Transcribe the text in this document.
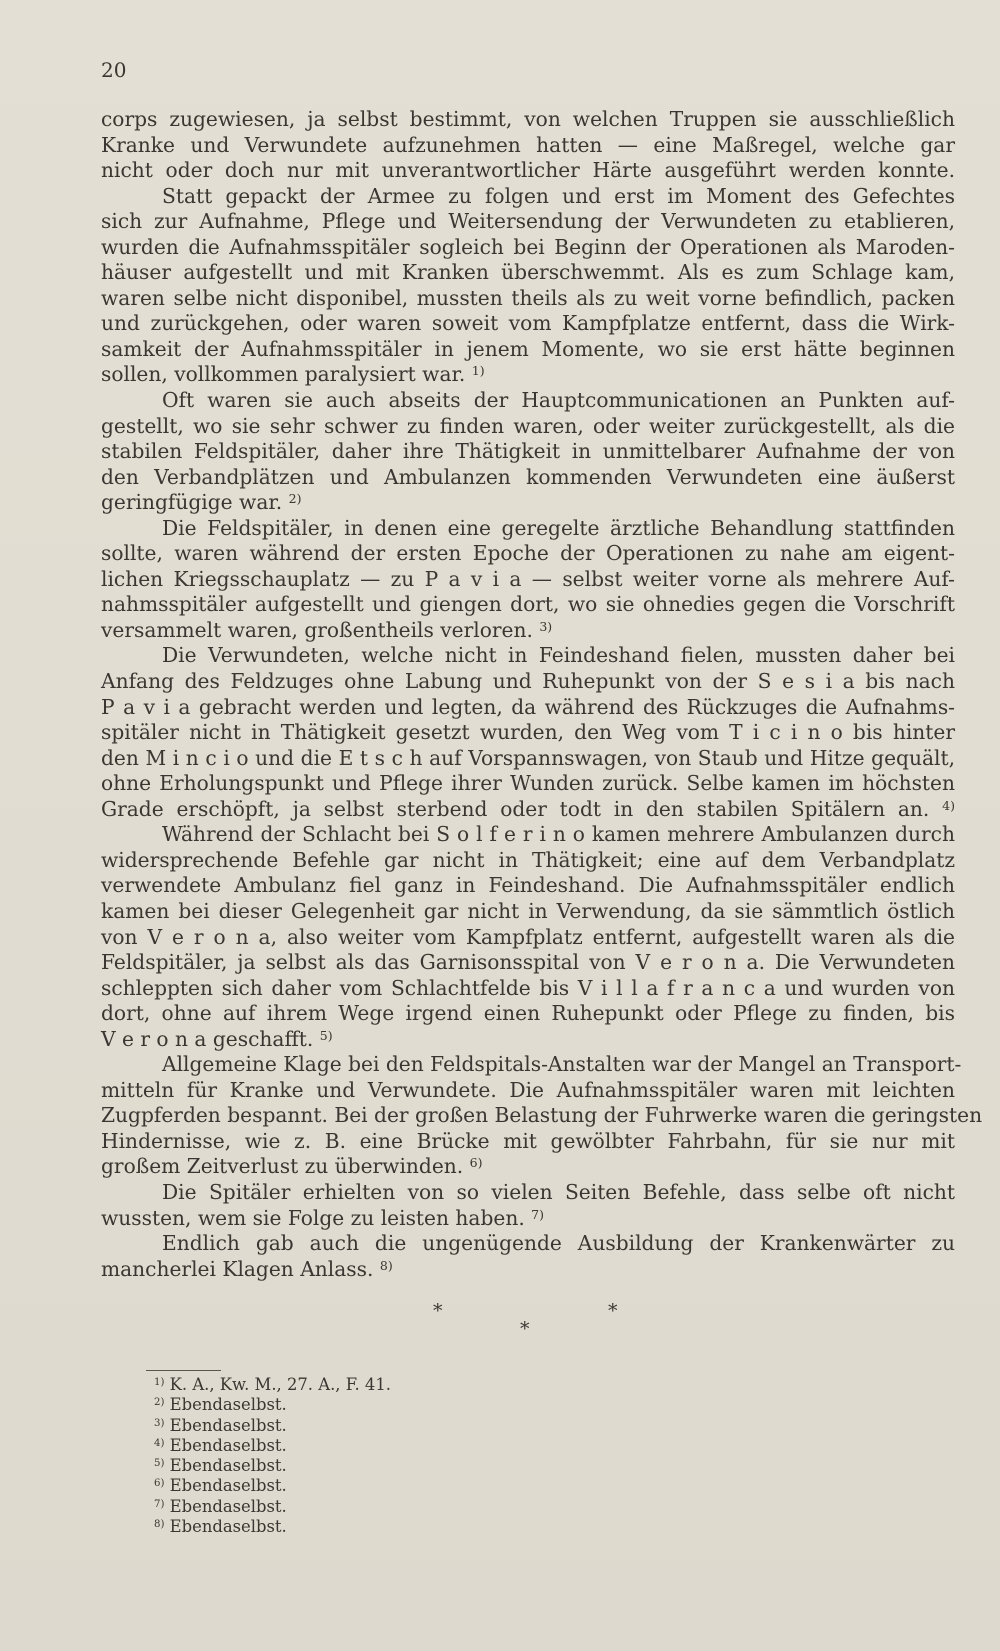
20
corps zugewiesen, ja selbst bestimmt, von welchen Truppen sie ausschließlich
Kranke und Verwundete aufzunehmen hatten — eine Maßregel, welche gar
nicht oder doch nur mit unverantwortlicher Härte ausgeführt werden konnte.
Statt gepackt der Armee zu folgen und erst im Moment des Gefechtes
sich zur Aufnahme, Pflege und Weitersendung der Verwundeten zu etablieren,
wurden die Aufnahmsspitäler sogleich bei Beginn der Operationen als Maroden-
häuser aufgestellt und mit Kranken überschwemmt. Als es zum Schlage kam,
waren selbe nicht disponibel, mussten theils als zu weit vorne befindlich, packen
und zurückgehen, oder waren soweit vom Kampfplatze entfernt, dass die Wirk-
samkeit der Aufnahmsspitäler in jenem Momente, wo sie erst hätte beginnen
sollen, vollkommen paralysiert war. $^{1)}$
Oft waren sie auch abseits der Hauptcommunicationen an Punkten auf-
gestellt, wo sie sehr schwer zu finden waren, oder weiter zurückgestellt, als die
stabilen Feldspitäler, daher ihre Thätigkeit in unmittelbarer Aufnahme der von
den Verbandplätzen und Ambulanzen kommenden Verwundeten eine äußerst
geringfügige war. $^{2)}$
Die Feldspitäler, in denen eine geregelte ärztliche Behandlung stattfinden
sollte, waren während der ersten Epoche der Operationen zu nahe am eigent-
lichen Kriegsschauplatz — zu P a v i a — selbst weiter vorne als mehrere Auf-
nahmsspitäler aufgestellt und giengen dort, wo sie ohnedies gegen die Vorschrift
versammelt waren, großentheils verloren. $^{3)}$
Die Verwundeten, welche nicht in Feindeshand fielen, mussten daher bei
Anfang des Feldzuges ohne Labung und Ruhepunkt von der S e s i a bis nach
P a v i a gebracht werden und legten, da während des Rückzuges die Aufnahms-
spitäler nicht in Thätigkeit gesetzt wurden, den Weg vom T i c i n o bis hinter
den M i n c i o und die E t s c h auf Vorspannswagen, von Staub und Hitze gequält,
ohne Erholungspunkt und Pflege ihrer Wunden zurück. Selbe kamen im höchsten
Grade erschöpft, ja selbst sterbend oder todt in den stabilen Spitälern an. $^{4)}$
Während der Schlacht bei S o l f e r i n o kamen mehrere Ambulanzen durch
widersprechende Befehle gar nicht in Thätigkeit; eine auf dem Verbandplatz
verwendete Ambulanz fiel ganz in Feindeshand. Die Aufnahmsspitäler endlich
kamen bei dieser Gelegenheit gar nicht in Verwendung, da sie sämmtlich östlich
von V e r o n a, also weiter vom Kampfplatz entfernt, aufgestellt waren als die
Feldspitäler, ja selbst als das Garnisonsspital von V e r o n a. Die Verwundeten
schleppten sich daher vom Schlachtfelde bis V i l l a f r a n c a und wurden von
dort, ohne auf ihrem Wege irgend einen Ruhepunkt oder Pflege zu finden, bis
V e r o n a geschafft. $^{5)}$
Allgemeine Klage bei den Feldspitals-Anstalten war der Mangel an Transport-
mitteln für Kranke und Verwundete. Die Aufnahmsspitäler waren mit leichten
Zugpferden bespannt. Bei der großen Belastung der Fuhrwerke waren die geringsten
Hindernisse, wie z. B. eine Brücke mit gewölbter Fahrbahn, für sie nur mit
großem Zeitverlust zu überwinden. $^{6)}$
Die Spitäler erhielten von so vielen Seiten Befehle, dass selbe oft nicht
wussten, wem sie Folge zu leisten haben. $^{7)}$
Endlich gab auch die ungenügende Ausbildung der Krankenwärter zu
mancherlei Klagen Anlass. $^{8)}$
*	*
*
$^{1)}$ K. A., Kw. M., 27. A., F. 41.
$^{2)}$ Ebendaselbst.
$^{3)}$ Ebendaselbst.
$^{4)}$ Ebendaselbst.
$^{5)}$ Ebendaselbst.
$^{6)}$ Ebendaselbst.
$^{7)}$ Ebendaselbst.
$^{8)}$ Ebendaselbst.
